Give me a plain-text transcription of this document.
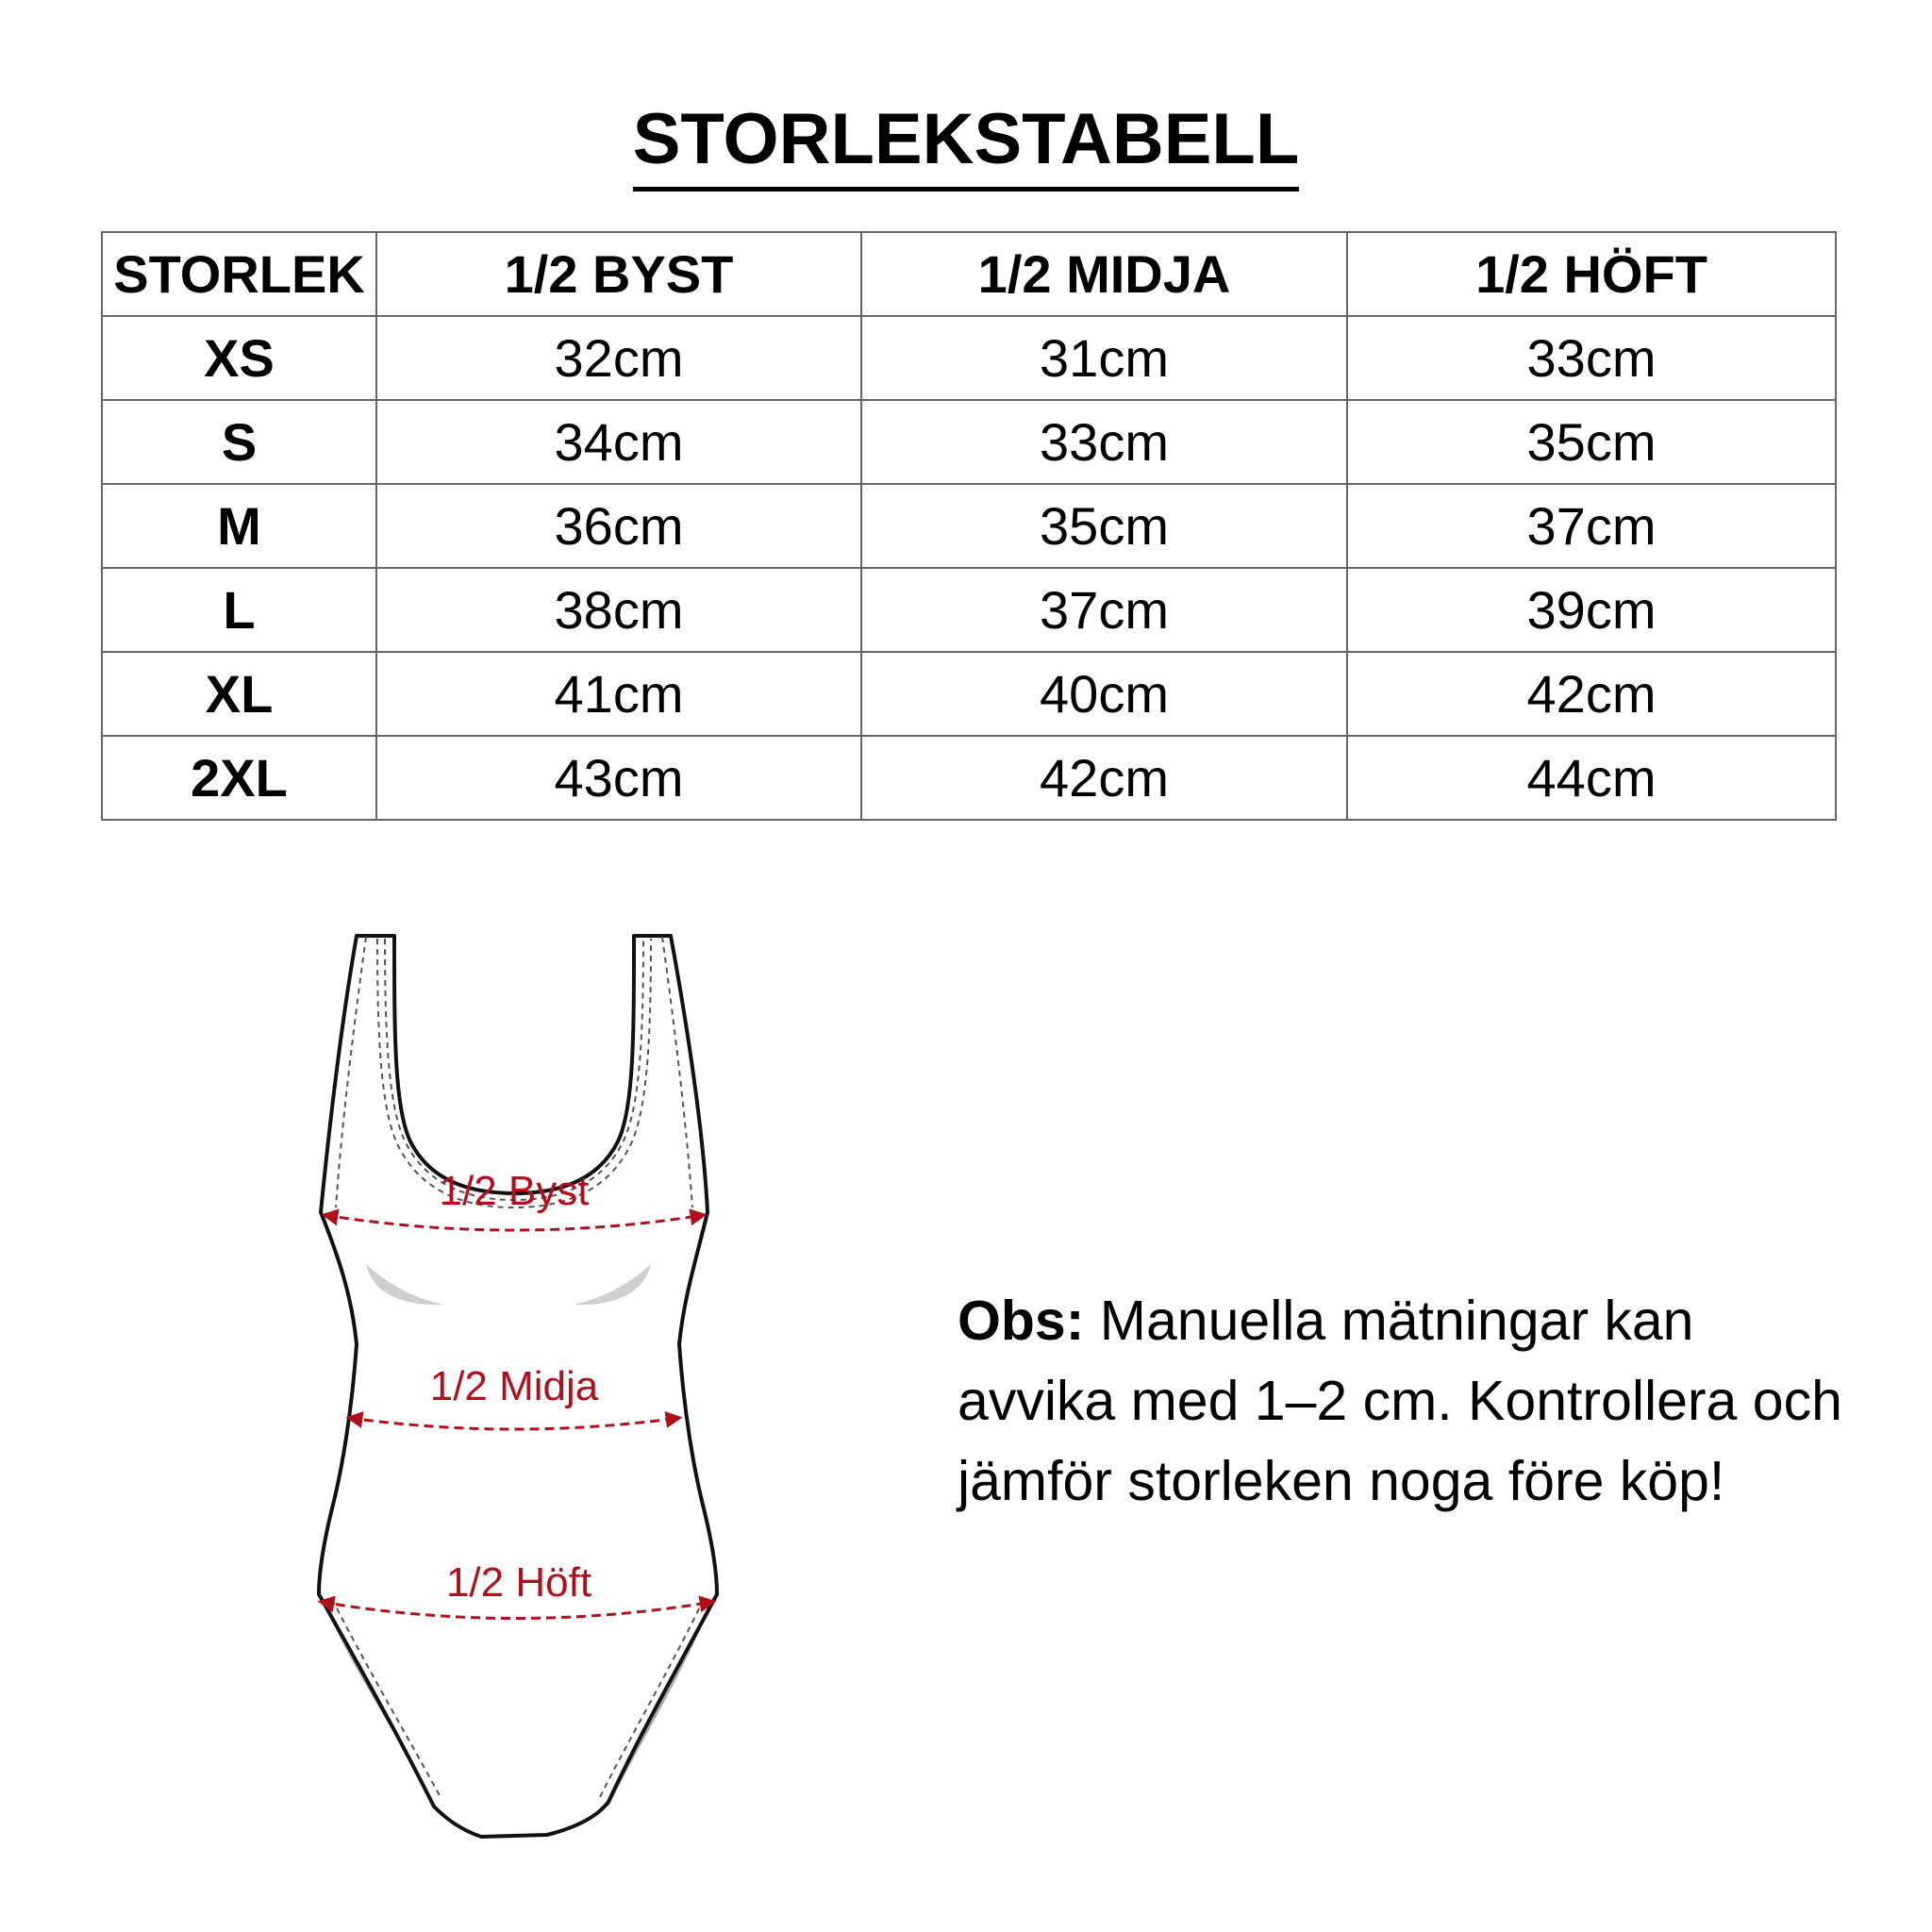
STORLEKSTABELL
STORLEK	1/2 BYST	1/2 MIDJA	1/2 HÖFT
XS	32cm	31cm	33cm
S	34cm	33cm	35cm
M	36cm	35cm	37cm
L	38cm	37cm	39cm
XL	41cm	40cm	42cm
2XL	43cm	42cm	44cm
1/2 Byst
1/2 Midja
1/2 Höft
Obs: Manuella mätningar kan avvika med 1–2 cm. Kontrollera och jämför storleken noga före köp!
